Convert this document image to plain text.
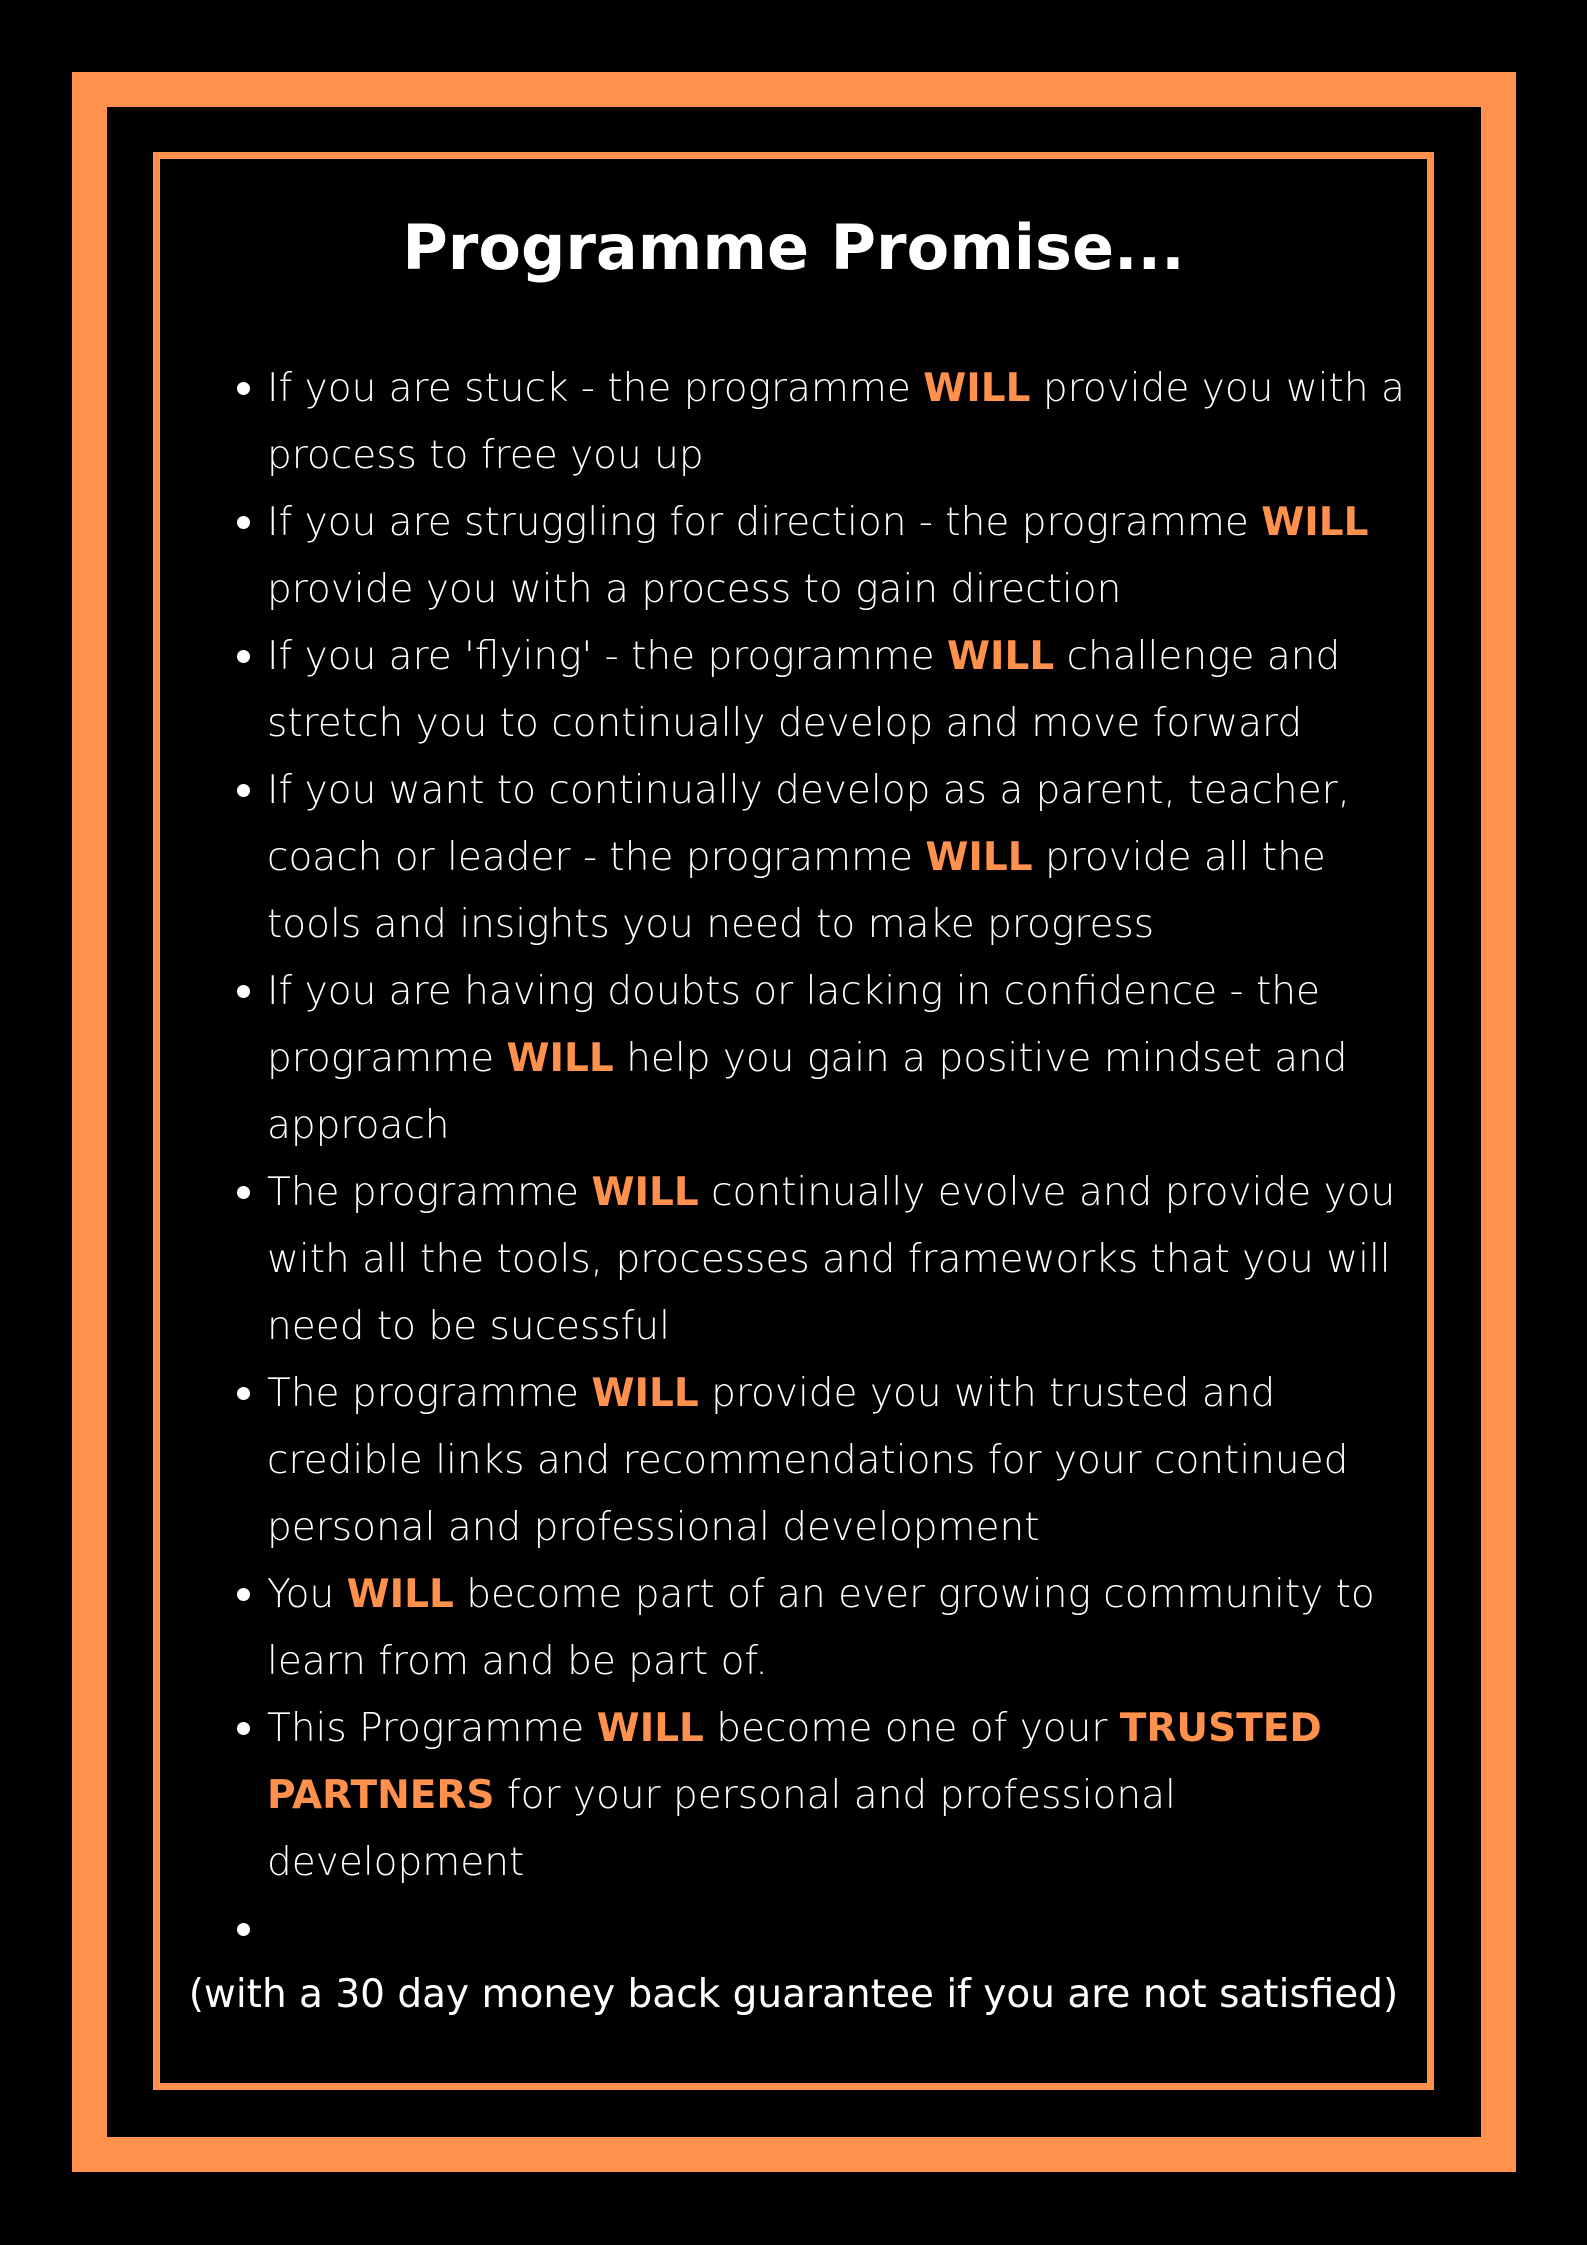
Programme Promise...
If you are stuck - the programme WILL provide you with a process to free you up
If you are struggling for direction - the programme WILL provide you with a process to gain direction
If you are 'flying' - the programme WILL challenge and stretch you to continually develop and move forward
If you want to continually develop as a parent, teacher, coach or leader - the programme WILL provide all the tools and insights you need to make progress
If you are having doubts or lacking in confidence - the programme WILL help you gain a positive mindset and approach
The programme WILL continually evolve and provide you with all the tools, processes and frameworks that you will need to be sucessful
The programme WILL provide you with trusted and credible links and recommendations for your continued personal and professional development
You WILL become part of an ever growing community to learn from and be part of.
This Programme WILL become one of your TRUSTED PARTNERS for your personal and professional development

(with a 30 day money back guarantee if you are not satisfied)
